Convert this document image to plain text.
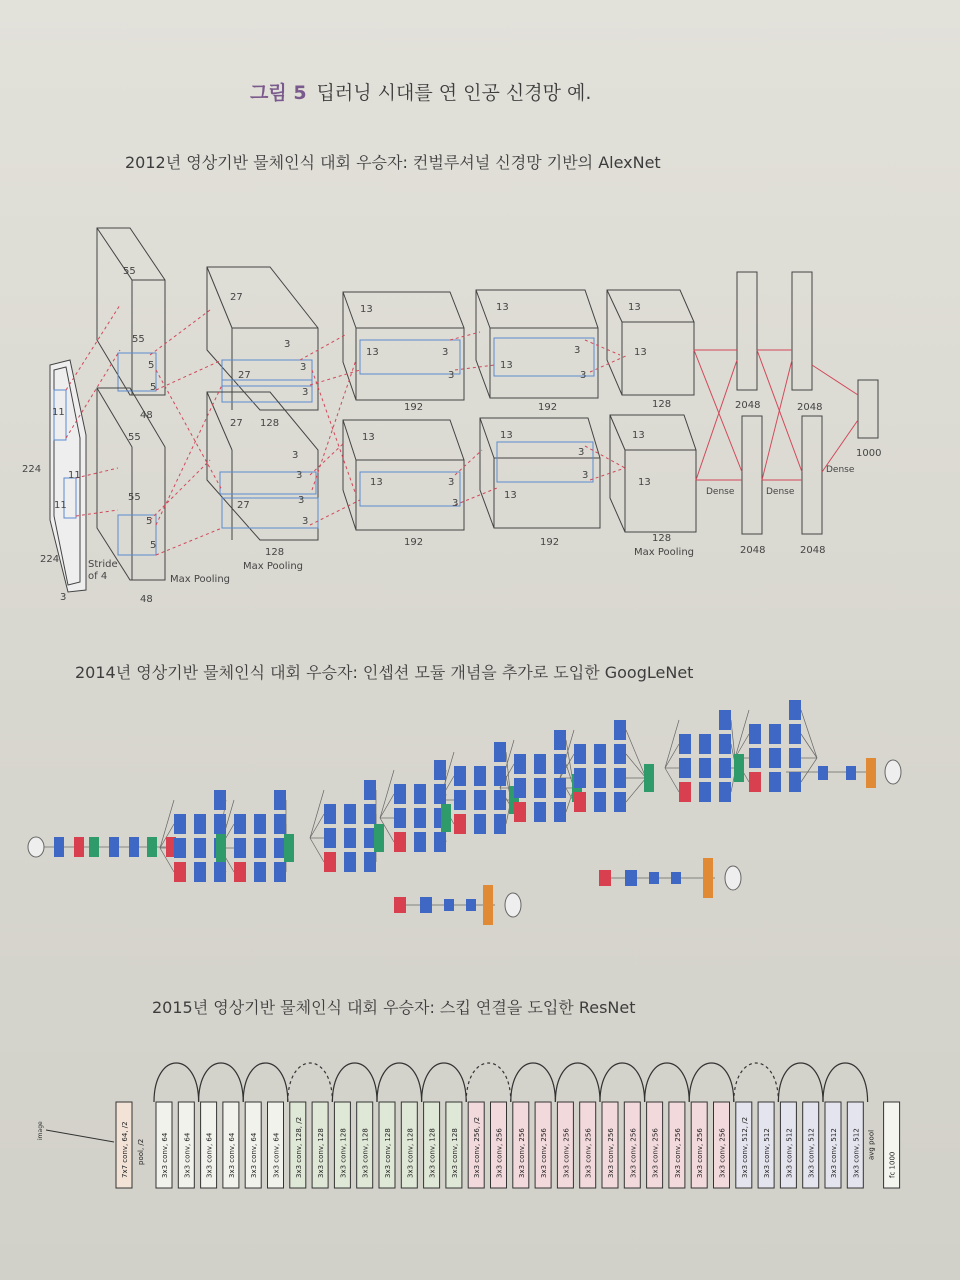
그림 5 딥러닝 시대를 연 인공 신경망 예.
2012년 영상기반 물체인식 대회 우승자: 컨벌루셔널 신경망 기반의 AlexNet
224
224
3
11
11
11
Stride of 4
55
55
5
5
48
55
55
5
5
48
Max Pooling
27
27
3
3
3
27 128
3
3
3
27
3
128
Max Pooling
13
13	3
3
192
13
13	3
3
192
13
13
3
3
192
13
3
3
13
192
13
13
128
13
13
128
Max Pooling
2048	2048
2048	2048
1000
Dense	Dense
Dense
2014년 영상기반 물체인식 대회 우승자: 인셉션 모듈 개념을 추가로 도입한 GoogLeNet
2015년 영상기반 물체인식 대회 우승자: 스킵 연결을 도입한 ResNet
image	7x7 conv, 64, /2 pool, /2 3x3 conv, 64 3x3 conv, 64 3x3 conv, 64 3x3 conv, 64 3x3 conv, 64 3x3 conv, 64 3x3 conv, 128, /2 3x3 conv, 128 3x3 conv, 128 3x3 conv, 128 3x3 conv, 128 3x3 conv, 128 3x3 conv, 128 3x3 conv, 128 3x3 conv, 256, /2 3x3 conv, 256 3x3 conv, 256 3x3 conv, 256 3x3 conv, 256 3x3 conv, 256 3x3 conv, 256 3x3 conv, 256 3x3 conv, 256 3x3 conv, 256 3x3 conv, 256 3x3 conv, 256 3x3 conv, 512, /2 3x3 conv, 512 3x3 conv, 512 3x3 conv, 512 3x3 conv, 512 3x3 conv, 512 avg pool
fc 1000
